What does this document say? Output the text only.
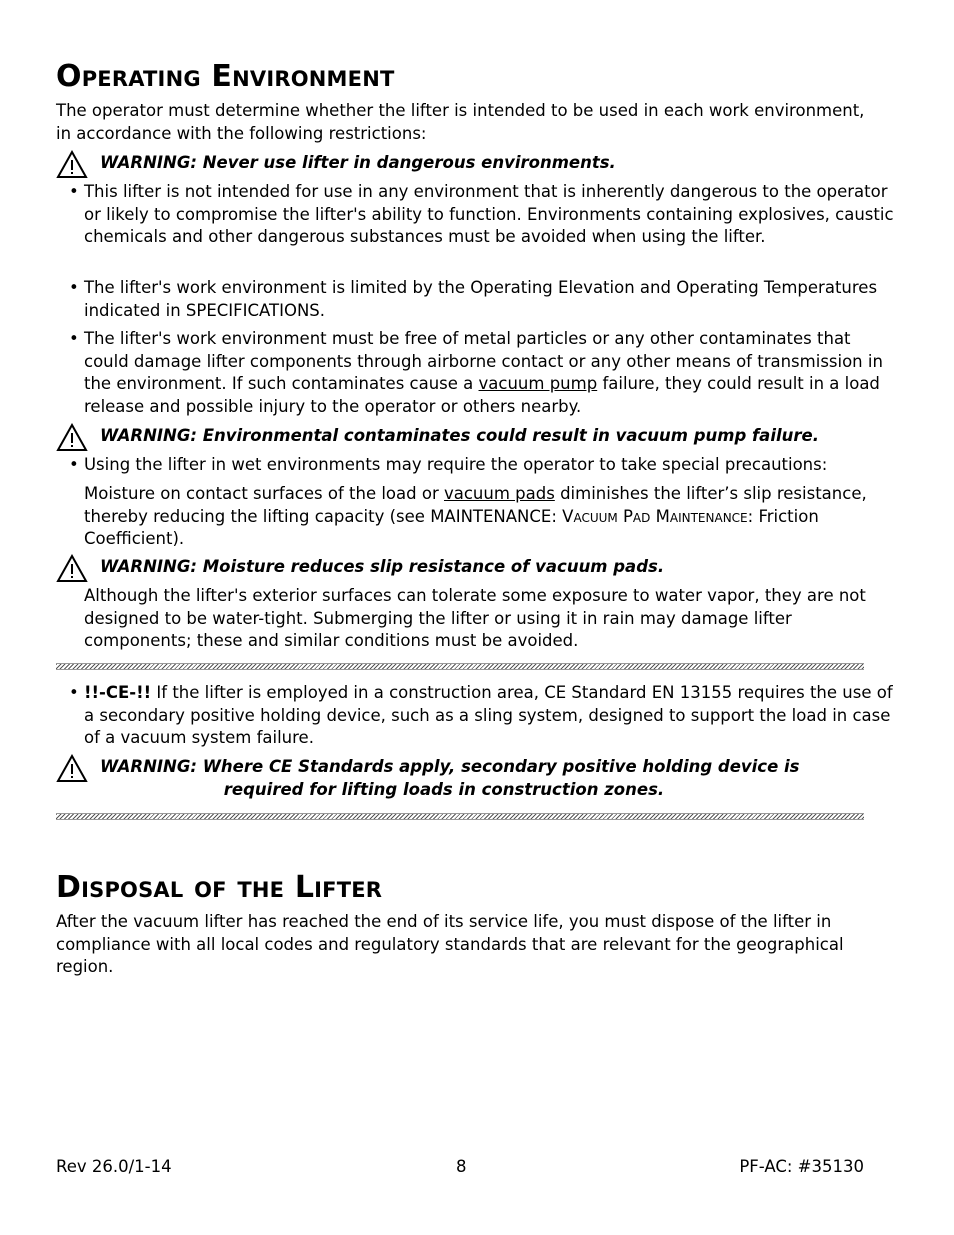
Operating Environment

The operator must determine whether the lifter is intended to be used in each work environment, in accordance with the following restrictions:

WARNING: Never use lifter in dangerous environments.

• This lifter is not intended for use in any environment that is inherently dangerous to the operator or likely to compromise the lifter's ability to function. Environments containing explosives, caustic chemicals and other dangerous substances must be avoided when using the lifter.

• The lifter's work environment is limited by the Operating Elevation and Operating Temperatures indicated in SPECIFICATIONS.

• The lifter's work environment must be free of metal particles or any other contaminates that could damage lifter components through airborne contact or any other means of transmission in the environment. If such contaminates cause a vacuum pump failure, they could result in a load release and possible injury to the operator or others nearby.

WARNING: Environmental contaminates could result in vacuum pump failure.

• Using the lifter in wet environments may require the operator to take special precautions:

Moisture on contact surfaces of the load or vacuum pads diminishes the lifter’s slip resistance, thereby reducing the lifting capacity (see MAINTENANCE: Vacuum Pad Maintenance: Friction Coefficient).

WARNING: Moisture reduces slip resistance of vacuum pads.

Although the lifter's exterior surfaces can tolerate some exposure to water vapor, they are not designed to be water-tight. Submerging the lifter or using it in rain may damage lifter components; these and similar conditions must be avoided.

• !!-CE-!! If the lifter is employed in a construction area, CE Standard EN 13155 requires the use of a secondary positive holding device, such as a sling system, designed to support the load in case of a vacuum system failure.

WARNING: Where CE Standards apply, secondary positive holding device is
required for lifting loads in construction zones.
Disposal of the Lifter

After the vacuum lifter has reached the end of its service life, you must dispose of the lifter in compliance with all local codes and regulatory standards that are relevant for the geographical region.

Rev 26.0/1-14	8	PF-AC: #35130
